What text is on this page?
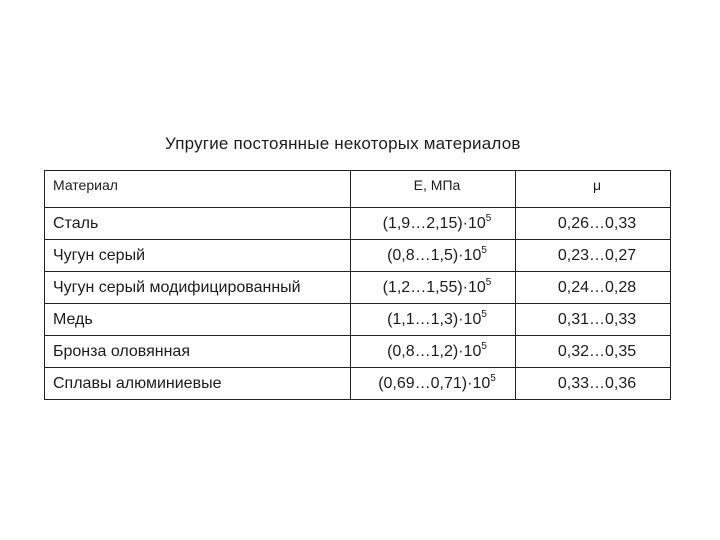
Упругие постоянные некоторых материалов
Материал	E, МПа	μ
Сталь	$(1,9\dots 2,15)\cdot 10^5$	0,26…0,33
Чугун серый	$(0,8\dots 1,5)\cdot 10^5$	0,23…0,27
Чугун серый модифицированный	$(1,2\dots 1,55)\cdot 10^5$	0,24…0,28
Медь	$(1,1\dots 1,3)\cdot 10^5$	0,31…0,33
Бронза оловянная	$(0,8\dots 1,2)\cdot 10^5$	0,32…0,35
Сплавы алюминиевые	$(0,69\dots 0,71)\cdot 10^5$	0,33…0,36
